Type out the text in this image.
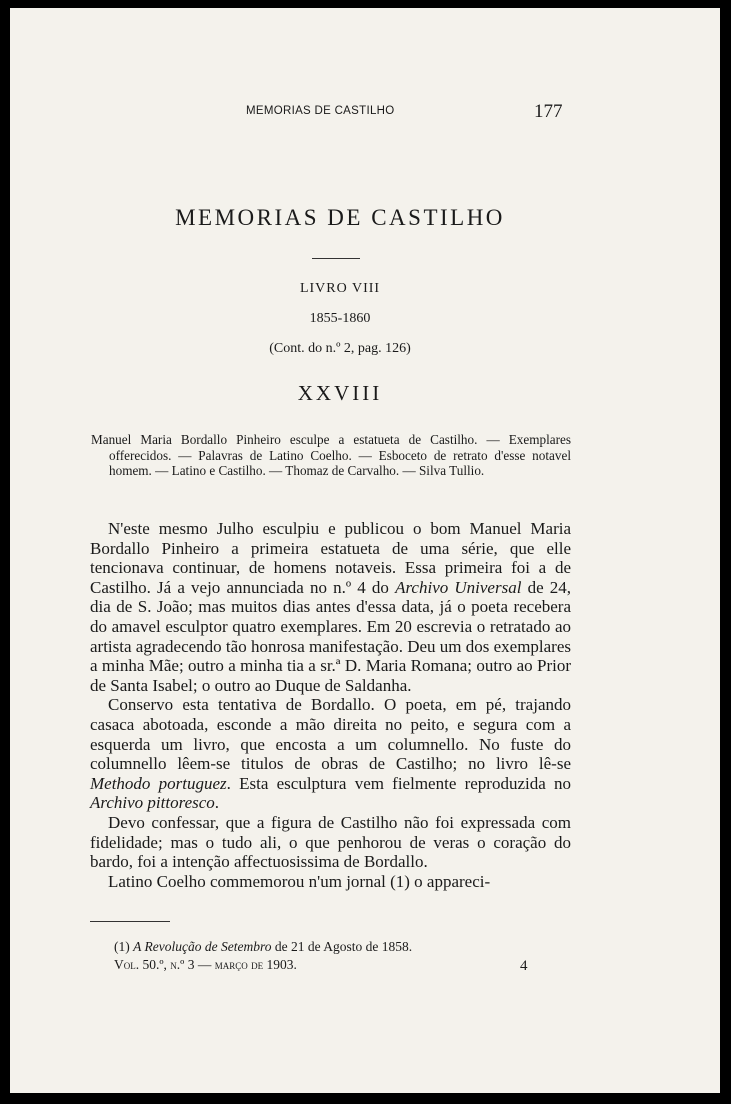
MEMORIAS DE CASTILHO	177
MEMORIAS DE CASTILHO
LIVRO VIII
1855-1860
(Cont. do n.º 2, pag. 126)
XXVIII
Manuel Maria Bordallo Pinheiro esculpe a estatueta de Castilho. — Exemplares offerecidos. — Palavras de Latino Coelho. — Esboceto de retrato d'esse notavel homem. — Latino e Castilho. — Thomaz de Carvalho. — Silva Tullio.

N'este mesmo Julho esculpiu e publicou o bom Manuel Maria Bordallo Pinheiro a primeira estatueta de uma série, que elle tencionava continuar, de homens notaveis. Essa primeira foi a de Castilho. Já a vejo annunciada no n.º 4 do Archivo Universal de 24, dia de S. João; mas muitos dias antes d'essa data, já o poeta recebera do amavel esculptor quatro exemplares. Em 20 escrevia o retratado ao artista agradecendo tão honrosa manifestação. Deu um dos exemplares a minha Mãe; outro a minha tia a sr.ª D. Maria Romana; outro ao Prior de Santa Isabel; o outro ao Duque de Saldanha.

Conservo esta tentativa de Bordallo. O poeta, em pé, trajando casaca abotoada, esconde a mão direita no peito, e segura com a esquerda um livro, que encosta a um columnello. No fuste do columnello lêem-se titulos de obras de Castilho; no livro lê-se Methodo portuguez. Esta esculptura vem fielmente reproduzida no Archivo pittoresco.

Devo confessar, que a figura de Castilho não foi expressada com fidelidade; mas o tudo ali, o que penhorou de veras o coração do bardo, foi a intenção affectuosissima de Bordallo.

Latino Coelho commemorou n'um jornal (1) o appareci-

(1) A Revolução de Setembro de 21 de Agosto de 1858.
Vol. 50.º, n.º 3 — março de 1903.	4
